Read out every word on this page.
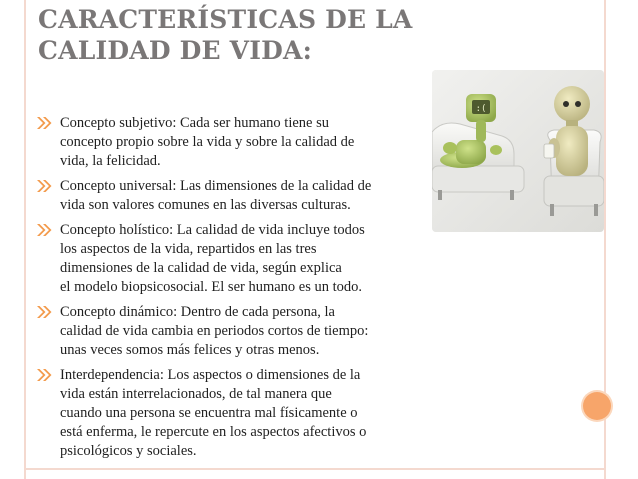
CARACTERÍSTICAS DE LA
CALIDAD DE VIDA:
:(
Concepto subjetivo: Cada ser humano tiene su
concepto propio sobre la vida y sobre la calidad de
vida, la felicidad.
Concepto universal: Las dimensiones de la calidad de
vida son valores comunes en las diversas culturas.
Concepto holístico: La calidad de vida incluye todos
los aspectos de la vida, repartidos en las tres
dimensiones de la calidad de vida, según explica
el modelo biopsicosocial. El ser humano es un todo.
Concepto dinámico: Dentro de cada persona, la
calidad de vida cambia en periodos cortos de tiempo:
unas veces somos más felices y otras menos.
Interdependencia: Los aspectos o dimensiones de la
vida están interrelacionados, de tal manera que
cuando una persona se encuentra mal físicamente o
está enferma, le repercute en los aspectos afectivos o
psicológicos y sociales.
